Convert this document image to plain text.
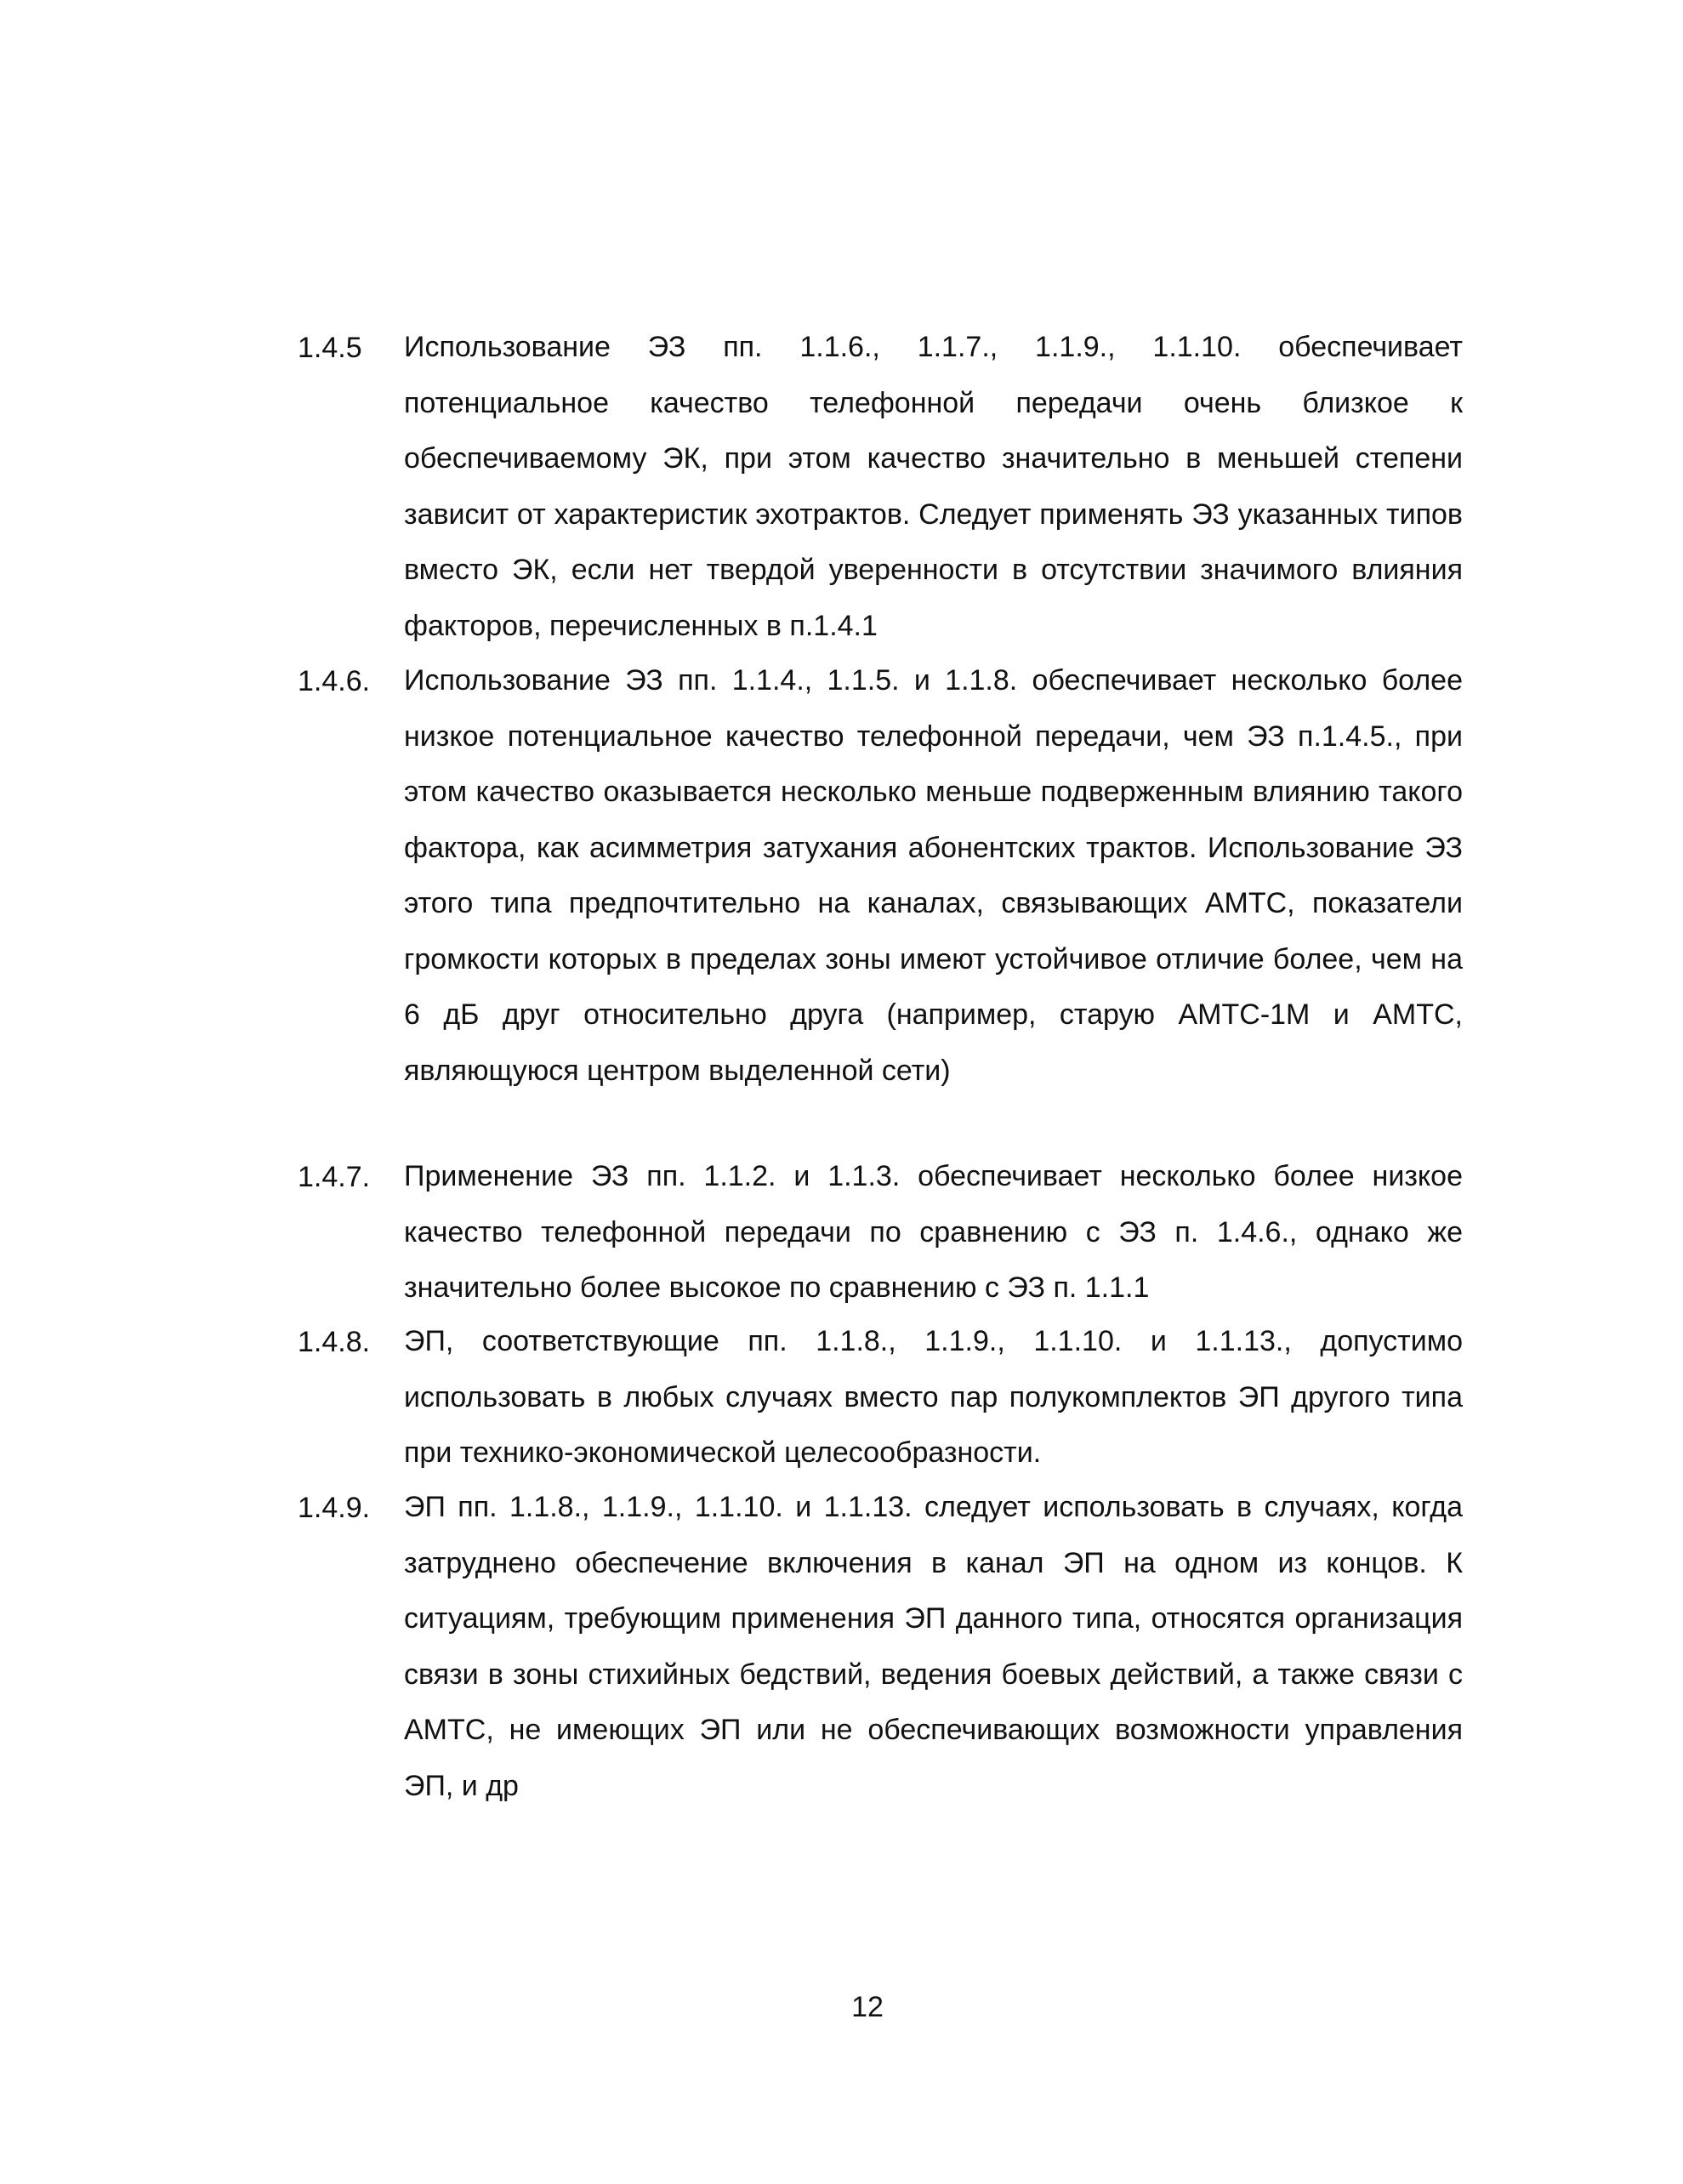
1.4.5 Использование ЭЗ пп. 1.1.6., 1.1.7., 1.1.9., 1.1.10. обеспечивает потенциальное качество телефонной передачи очень близкое к обеспечиваемому ЭК, при этом качество значительно в меньшей степени зависит от характеристик эхотрактов. Следует применять ЭЗ указанных типов вместо ЭК, если нет твердой уверенности в отсутствии значимого влияния факторов, перечисленных в п.1.4.1
1.4.6. Использование ЭЗ пп. 1.1.4., 1.1.5. и 1.1.8. обеспечивает несколько более низкое потенциальное качество телефонной передачи, чем ЭЗ п.1.4.5., при этом качество оказывается несколько меньше подверженным влиянию такого фактора, как асимметрия затухания абонентских трактов. Использование ЭЗ этого типа предпочтительно на каналах, связывающих АМТС, показатели громкости которых в пределах зоны имеют устойчивое отличие более, чем на 6 дБ друг относительно друга (например, старую АМТС-1М и АМТС, являющуюся центром выделенной сети)
1.4.7. Применение ЭЗ пп. 1.1.2. и 1.1.3. обеспечивает несколько более низкое качество телефонной передачи по сравнению с ЭЗ п. 1.4.6., однако же значительно более высокое по сравнению с ЭЗ п. 1.1.1
1.4.8. ЭП, соответствующие пп. 1.1.8., 1.1.9., 1.1.10. и 1.1.13., допустимо использовать в любых случаях вместо пар полукомплектов ЭП другого типа при технико-экономической целесообразности.
1.4.9. ЭП пп. 1.1.8., 1.1.9., 1.1.10. и 1.1.13. следует использовать в случаях, когда затруднено обеспечение включения в канал ЭП на одном из концов. К ситуациям, требующим применения ЭП данного типа, относятся организация связи в зоны стихийных бедствий, ведения боевых действий, а также связи с АМТС, не имеющих ЭП или не обеспечивающих возможности управления ЭП, и др
12
